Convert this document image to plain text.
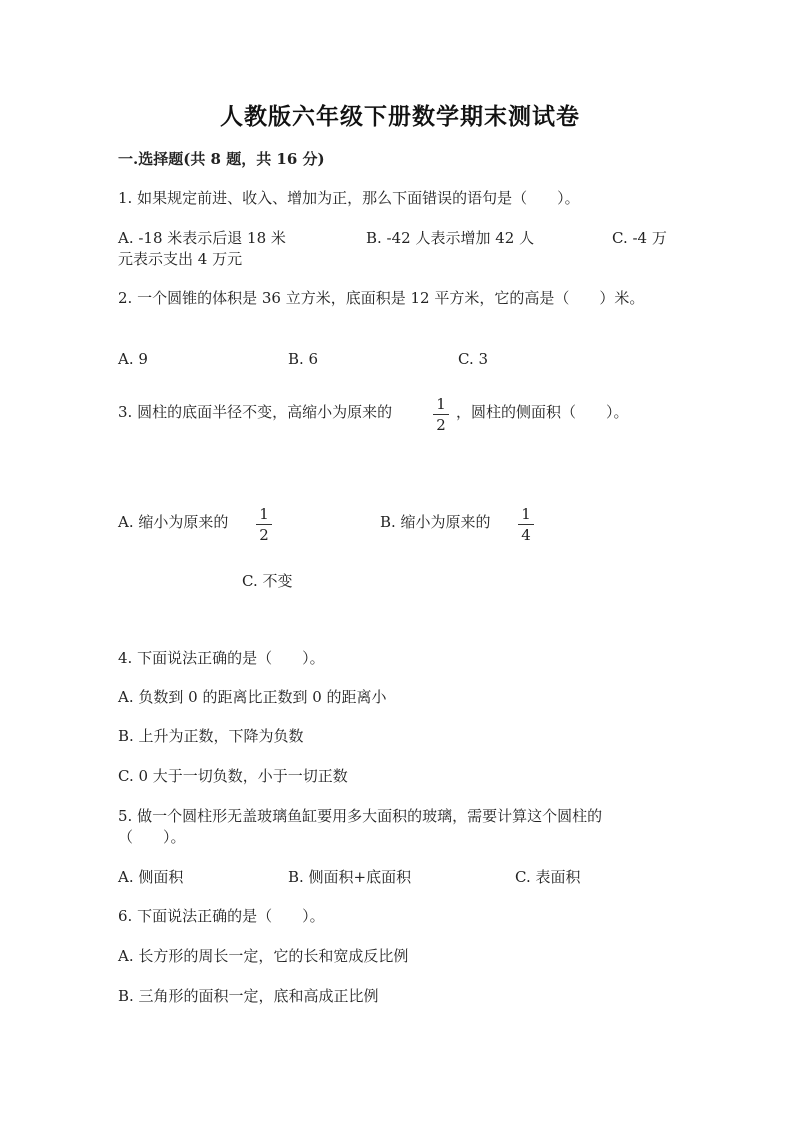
人教版六年级下册数学期末测试卷
一.选择题(共 8 题，共 16 分)
1. 如果规定前进、收入、增加为正，那么下面错误的语句是（　　）。
A. -18 米表示后退 18 米	B. -42 人表示增加 42 人	C. -4 万
元表示支出 4 万元
2. 一个圆锥的体积是 36 立方米，底面积是 12 平方米，它的高是（　　）米。
A. 9	B. 6	C. 3
3. 圆柱的底面半径不变，高缩小为原来的	1
2
，圆柱的侧面积（　　）。
A. 缩小为原来的 1
2
B. 缩小为原来的 1
4
C. 不变
4. 下面说法正确的是（　　）。
A. 负数到 0 的距离比正数到 0 的距离小
B. 上升为正数，下降为负数
C. 0 大于一切负数，小于一切正数
5. 做一个圆柱形无盖玻璃鱼缸要用多大面积的玻璃，需要计算这个圆柱的
（　　）。
A. 侧面积	B. 侧面积+底面积	C. 表面积
6. 下面说法正确的是（　　）。
A. 长方形的周长一定，它的长和宽成反比例
B. 三角形的面积一定，底和高成正比例
